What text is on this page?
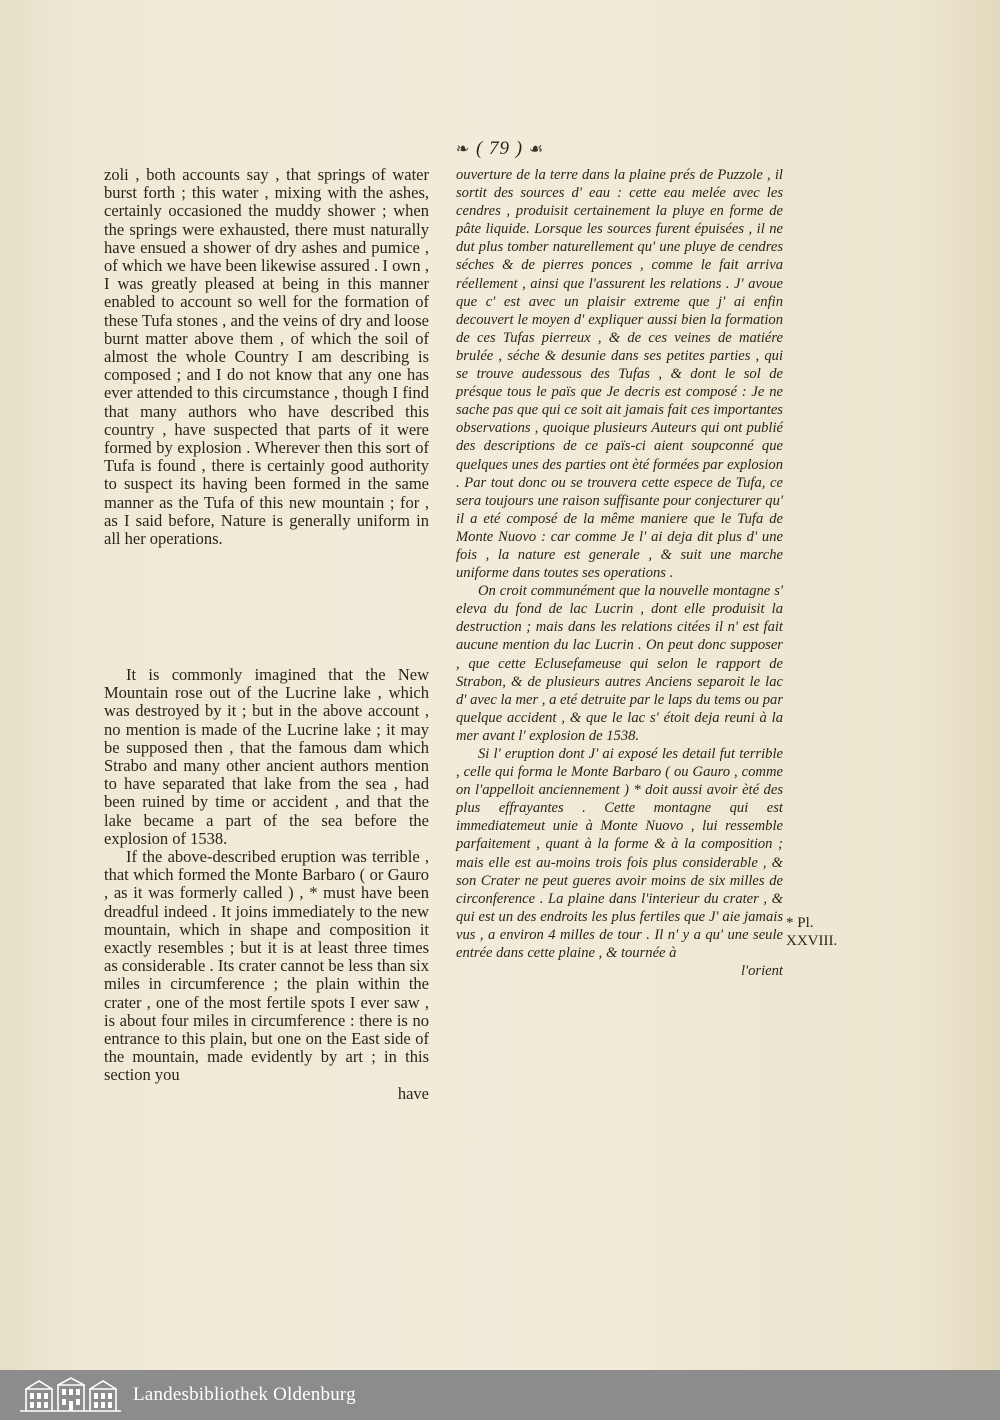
❧ ( 79 ) ☙

zoli , both accounts say , that springs of water burst forth ; this water , mixing with the ashes, certainly occasioned the muddy shower ; when the springs were exhausted, there must naturally have ensued a shower of dry ashes and pumice , of which we have been likewise assured . I own , I was greatly pleased at being in this manner enabled to account so well for the formation of these Tufa stones , and the veins of dry and loose burnt matter above them , of which the soil of almost the whole Country I am describing is composed ; and I do not know that any one has ever attended to this circumstance , though I find that many authors who have described this country , have suspected that parts of it were formed by explosion . Wherever then this sort of Tufa is found , there is certainly good authority to suspect its having been formed in the same manner as the Tufa of this new mountain ; for , as I said before, Nature is generally uniform in all her operations.

It is commonly imagined that the New Mountain rose out of the Lucrine lake , which was destroyed by it ; but in the above account , no mention is made of the Lucrine lake ; it may be supposed then , that the famous dam which Strabo and many other ancient authors mention to have separated that lake from the sea , had been ruined by time or accident , and that the lake became a part of the sea before the explosion of 1538.

If the above-described eruption was terrible , that which formed the Monte Barbaro ( or Gauro , as it was formerly called ) , * must have been dreadful indeed . It joins immediately to the new mountain, which in shape and composition it exactly resembles ; but it is at least three times as considerable . Its crater cannot be less than six miles in circumference ; the plain within the crater , one of the most fertile spots I ever saw , is about four miles in circumference : there is no entrance to this plain, but one on the East side of the mountain, made evidently by art ; in this section you

have

ouverture de la terre dans la plaine prés de Puzzole , il sortit des sources d' eau : cette eau melée avec les cendres , produisit certainement la pluye en forme de pâte liquide. Lorsque les sources furent épuisées , il ne dut plus tomber naturellement qu' une pluye de cendres séches & de pierres ponces , comme le fait arriva réellement , ainsi que l'assurent les relations . J' avoue que c' est avec un plaisir extreme que j' ai enfin decouvert le moyen d' expliquer aussi bien la formation de ces Tufas pierreux , & de ces veines de matiére brulée , séche & desunie dans ses petites parties , qui se trouve audessous des Tufas , & dont le sol de présque tous le païs que Je decris est composé : Je ne sache pas que qui ce soit ait jamais fait ces importantes observations , quoique plusieurs Auteurs qui ont publié des descriptions de ce païs-ci aient soupconné que quelques unes des parties ont èté formées par explosion . Par tout donc ou se trouvera cette espece de Tufa, ce sera toujours une raison suffisante pour conjecturer qu' il a eté composé de la même maniere que le Tufa de Monte Nuovo : car comme Je l' ai deja dit plus d' une fois , la nature est generale , & suit une marche uniforme dans toutes ses operations .

On croit communément que la nouvelle montagne s' eleva du fond de lac Lucrin , dont elle produisit la destruction ; mais dans les relations citées il n' est fait aucune mention du lac Lucrin . On peut donc supposer , que cette Eclusefameuse qui selon le rapport de Strabon, & de plusieurs autres Anciens separoit le lac d' avec la mer , a eté detruite par le laps du tems ou par quelque accident , & que le lac s' étoit deja reuni à la mer avant l' explosion de 1538.

Si l' eruption dont J' ai exposé les detail fut terrible , celle qui forma le Monte Barbaro ( ou Gauro , comme on l'appelloit anciennement ) * doit aussi avoir èté des plus effrayantes . Cette montagne qui est immediatemeut unie à Monte Nuovo , lui ressemble parfaitement , quant à la forme & à la composition ; mais elle est au-moins trois fois plus considerable , & son Crater ne peut gueres avoir moins de six milles de circonference . La plaine dans l'interieur du crater , & qui est un des endroits les plus fertiles que J' aie jamais vus , a environ 4 milles de tour . Il n' y a qu' une seule entrée dans cette plaine , & tournée à

l'orient

* Pl.
XXVIII.
Landesbibliothek Oldenburg
